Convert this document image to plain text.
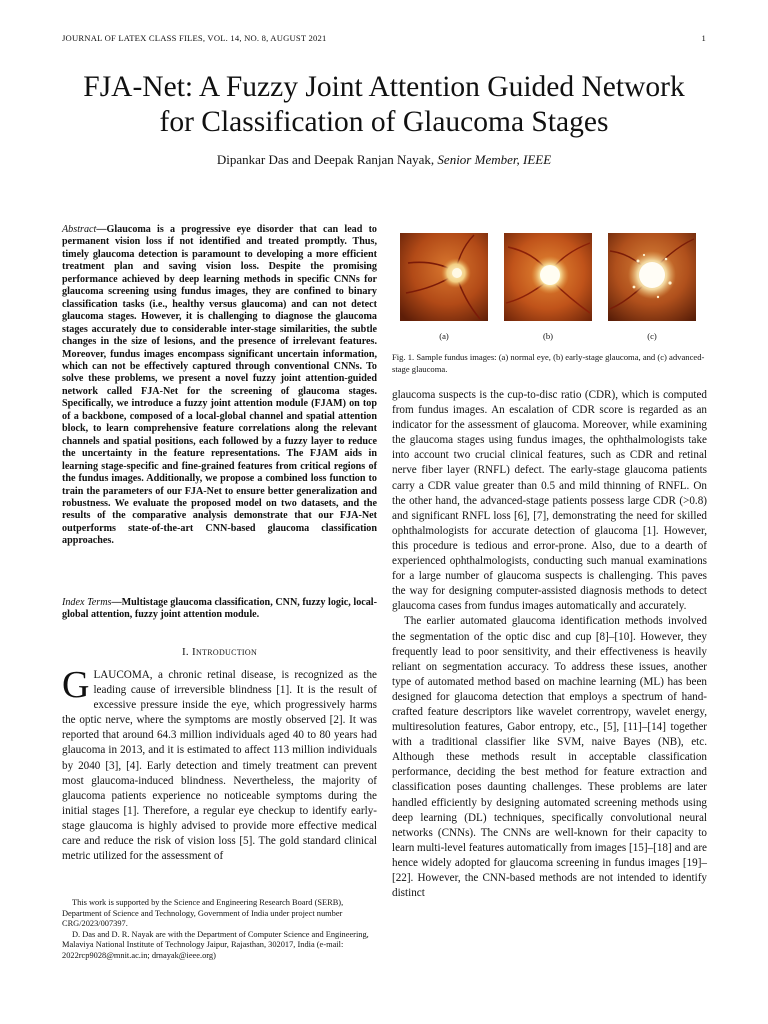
JOURNAL OF LATEX CLASS FILES, VOL. 14, NO. 8, AUGUST 2021	1
FJA-Net: A Fuzzy Joint Attention Guided Network
for Classification of Glaucoma Stages
Dipankar Das and Deepak Ranjan Nayak, Senior Member, IEEE

Abstract—Glaucoma is a progressive eye disorder that can lead to permanent vision loss if not identified and treated promptly. Thus, timely glaucoma detection is paramount to developing a more efficient treatment plan and saving vision loss. Despite the promising performance achieved by deep learning methods in specific CNNs for glaucoma screening using fundus images, they are confined to binary classification tasks (i.e., healthy versus glaucoma) and can not detect glaucoma stages. However, it is challenging to diagnose the glaucoma stages accurately due to considerable inter-stage similarities, the subtle changes in the size of lesions, and the presence of irrelevant features. Moreover, fundus images encompass significant uncertain information, which can not be effectively captured through conventional CNNs. To solve these problems, we present a novel fuzzy joint attention-guided network called FJA-Net for the screening of glaucoma stages. Specifically, we introduce a fuzzy joint attention module (FJAM) on top of a backbone, composed of a local-global channel and spatial attention block, to learn comprehensive feature correlations along the relevant channels and spatial positions, each followed by a fuzzy layer to reduce the uncertainty in the feature representations. The FJAM aids in learning stage-specific and fine-grained features from critical regions of the fundus images. Additionally, we propose a combined loss function to train the parameters of our FJA-Net to ensure better generalization and robustness. We evaluate the proposed model on two datasets, and the results of the comparative analysis demonstrate that our FJA-Net outperforms state-of-the-art CNN-based glaucoma classification approaches.

Index Terms—Multistage glaucoma classification, CNN, fuzzy logic, local-global attention, fuzzy joint attention module.

I. Introduction

GLAUCOMA, a chronic retinal disease, is recognized as the leading cause of irreversible blindness [1]. It is the result of excessive pressure inside the eye, which progressively harms the optic nerve, where the symptoms are mostly observed [2]. It was reported that around 64.3 million individuals aged 40 to 80 years had glaucoma in 2013, and it is estimated to affect 113 million individuals by 2040 [3], [4]. Early detection and timely treatment can prevent most glaucoma-induced blindness. Nevertheless, the majority of glaucoma patients experience no noticeable symptoms during the initial stages [1]. Therefore, a regular eye checkup to identify early-stage glaucoma is highly advised to provide more effective medical care and reduce the risk of vision loss [5]. The gold standard clinical metric utilized for the assessment of

This work is supported by the Science and Engineering Research Board (SERB), Department of Science and Technology, Government of India under project number CRG/2023/007397.

D. Das and D. R. Nayak are with the Department of Computer Science and Engineering, Malaviya National Institute of Technology Jaipur, Rajasthan, 302017, India (e-mail: 2022rcp9028@mnit.ac.in; drnayak@ieee.org)

(a)	(b)	(c)
Fig. 1. Sample fundus images: (a) normal eye, (b) early-stage glaucoma, and (c) advanced-stage glaucoma.

glaucoma suspects is the cup-to-disc ratio (CDR), which is computed from fundus images. An escalation of CDR score is regarded as an indicator for the assessment of glaucoma. Moreover, while examining the glaucoma stages using fundus images, the ophthalmologists take into account two crucial clinical features, such as CDR and retinal nerve fiber layer (RNFL) defect. The early-stage glaucoma patients carry a CDR value greater than 0.5 and mild thinning of RNFL. On the other hand, the advanced-stage patients possess large CDR (>0.8) and significant RNFL loss [6], [7], demonstrating the need for skilled ophthalmologists for accurate detection of glaucoma [1]. However, this procedure is tedious and error-prone. Also, due to a dearth of experienced ophthalmologists, conducting such manual examinations for a large number of glaucoma suspects is challenging. This paves the way for designing computer-assisted diagnosis methods to detect glaucoma cases from fundus images automatically and accurately.

The earlier automated glaucoma identification methods involved the segmentation of the optic disc and cup [8]–[10]. However, they frequently lead to poor sensitivity, and their effectiveness is heavily reliant on segmentation accuracy. To address these issues, another type of automated method based on machine learning (ML) has been designed for glaucoma detection that employs a spectrum of hand-crafted feature descriptors like wavelet correntropy, wavelet energy, multiresolution features, Gabor entropy, etc., [5], [11]–[14] together with a traditional classifier like SVM, naive Bayes (NB), etc. Although these methods result in acceptable classification performance, deciding the best method for feature extraction and classification poses daunting challenges. These problems are later handled efficiently by designing automated screening methods using deep learning (DL) techniques, specifically convolutional neural networks (CNNs). The CNNs are well-known for their capacity to learn multi-level features automatically from images [15]–[18] and are hence widely adopted for glaucoma screening in fundus images [19]–[22]. However, the CNN-based methods are not intended to identify distinct
